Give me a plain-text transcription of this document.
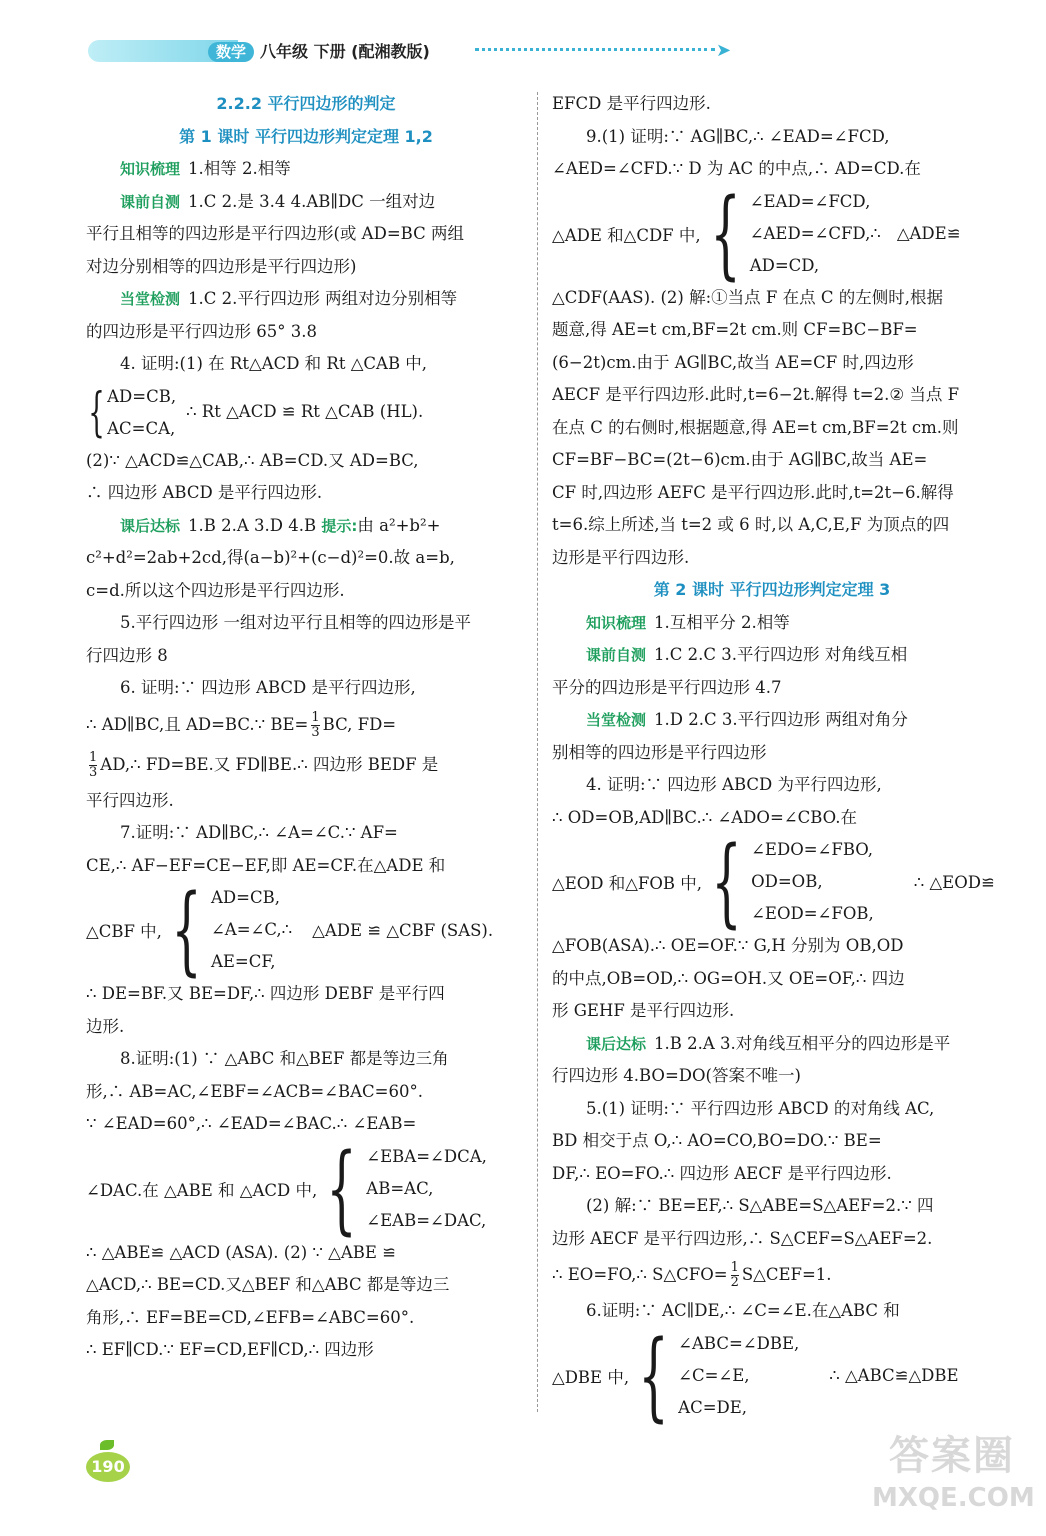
数学 八年级 下册 (配湘教版)	➤
2.2.2 平行四边形的判定
第 1 课时 平行四边形判定定理 1,2
知识梳理 1.相等 2.相等
课前自测 1.C 2.是 3.4 4.AB∥DC 一组对边
平行且相等的四边形是平行四边形(或 AD=BC 两组
对边分别相等的四边形是平行四边形)
当堂检测 1.C 2.平行四边形 两组对边分别相等
的四边形是平行四边形 65° 3.8
4. 证明:(1) 在 Rt△ACD 和 Rt △CAB 中,
{ AD=CB,
AC=CA,
∴ Rt △ACD ≌ Rt △CAB (HL).
(2)∵ △ACD≌△CAB,∴ AB=CD.又 AD=BC,
∴ 四边形 ABCD 是平行四边形.
课后达标 1.B 2.A 3.D 4.B 提示:由 a²+b²+
c²+d²=2ab+2cd,得(a−b)²+(c−d)²=0.故 a=b,
c=d.所以这个四边形是平行四边形.
5.平行四边形 一组对边平行且相等的四边形是平
行四边形 8
6. 证明:∵ 四边形 ABCD 是平行四边形,
∴ AD∥BC,且 AD=BC.∵ $BE= \frac{1}{3}$ BC, FD=
$\frac{1}{3}$ AD,∴ FD=BE.又 FD∥BE.∴ 四边形 BEDF 是
平行四边形.
7.证明:∵ AD∥BC,∴ ∠A=∠C.∵ AF=
CE,∴ AF−EF=CE−EF,即 AE=CF.在△ADE 和
△CBF 中, { AD=CB,
∠A=∠C,∴
AE=CF,
△ADE ≌ △CBF (SAS).
∴ DE=BF.又 BE=DF,∴ 四边形 DEBF 是平行四
边形.
8.证明:(1) ∵ △ABC 和△BEF 都是等边三角
形,∴ AB=AC,∠EBF=∠ACB=∠BAC=60°.
∵ ∠EAD=60°,∴ ∠EAD=∠BAC.∴ ∠EAB=
∠DAC.在 △ABE 和 △ACD 中, { ∠EBA=∠DCA,
AB=AC,
∠EAB=∠DAC,
∴ △ABE≌ △ACD (ASA). (2) ∵ △ABE ≌
△ACD,∴ BE=CD.又△BEF 和△ABC 都是等边三
角形,∴ EF=BE=CD,∠EFB=∠ABC=60°.
∴ EF∥CD.∵ EF=CD,EF∥CD,∴ 四边形
EFCD 是平行四边形.
9.(1) 证明:∵ AG∥BC,∴ ∠EAD=∠FCD,
∠AED=∠CFD.∵ D 为 AC 的中点,∴ AD=CD.在
△ADE 和△CDF 中, { ∠EAD=∠FCD,
∠AED=∠CFD,∴
AD=CD,
△ADE≌
△CDF(AAS). (2) 解:①当点 F 在点 C 的左侧时,根据
题意,得 AE=t cm,BF=2t cm.则 CF=BC−BF=
(6−2t)cm.由于 AG∥BC,故当 AE=CF 时,四边形
AECF 是平行四边形.此时,t=6−2t.解得 t=2.② 当点 F
在点 C 的右侧时,根据题意,得 AE=t cm,BF=2t cm.则
CF=BF−BC=(2t−6)cm.由于 AG∥BC,故当 AE=
CF 时,四边形 AEFC 是平行四边形.此时,t=2t−6.解得
t=6.综上所述,当 t=2 或 6 时,以 A,C,E,F 为顶点的四
边形是平行四边形.
第 2 课时 平行四边形判定定理 3
知识梳理 1.互相平分 2.相等
课前自测 1.C 2.C 3.平行四边形 对角线互相
平分的四边形是平行四边形 4.7
当堂检测 1.D 2.C 3.平行四边形 两组对角分
别相等的四边形是平行四边形
4. 证明:∵ 四边形 ABCD 为平行四边形,
∴ OD=OB,AD∥BC.∴ ∠ADO=∠CBO.在
△EOD 和△FOB 中, { ∠EDO=∠FBO,
OD=OB,
∠EOD=∠FOB,
∴ △EOD≌
△FOB(ASA).∴ OE=OF.∵ G,H 分别为 OB,OD
的中点,OB=OD,∴ OG=OH.又 OE=OF,∴ 四边
形 GEHF 是平行四边形.
课后达标 1.B 2.A 3.对角线互相平分的四边形是平
行四边形 4.BO=DO(答案不唯一)
5.(1) 证明:∵ 平行四边形 ABCD 的对角线 AC,
BD 相交于点 O,∴ AO=CO,BO=DO.∵ BE=
DF,∴ EO=FO.∴ 四边形 AECF 是平行四边形.
(2) 解:∵ BE=EF,∴ S△ABE=S△AEF=2.∵ 四
边形 AECF 是平行四边形,∴ S△CEF=S△AEF=2.
∴ EO=FO,∴ S△CFO= $\frac{1}{2}$ S△CEF=1.
6.证明:∵ AC∥DE,∴ ∠C=∠E.在△ABC 和
△DBE 中, { ∠ABC=∠DBE,
∠C=∠E,
AC=DE,
∴ △ABC≌△DBE
190	答案圈
MXQE.COM
